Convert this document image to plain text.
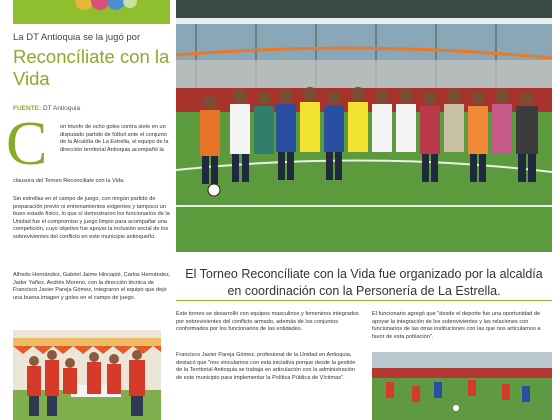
La DT Antioquia se la jugó por
Reconcíliate con la Vida
FUENTE: DT Antioquia
C on triunfo de ocho goles contra siete en un disputado partido de fútbol ante el conjunto de la Alcaldía de La Estrella, el equipo de la dirección territorial Antioquia acompañó la
clausura del Torneo Reconcíliate con la Vida.
Sin estrellas en el campo de juego, con ningún partido de preparación previo ni entrenamientos exigentes y tampoco un buen estado físico, lo que sí demostraron los funcionarios de la Unidad fue el compromiso y juego limpio para acompañar una competición, cuyo objetivo fue apoyar la inclusión social de los sobrevivientes del conflicto en este municipio antioqueño.
Alfredo Hernández, Gabriel Jaime Hincapié, Carlos Hernández, Jader Yañez, Andrés Moreno, con la dirección técnica de Francisco Javier Pareja Gómez, integraron el equipo que dejó una buena imagen y goles en el campo de juego.
El Torneo Reconcíliate con la Vida fue organizado por la alcaldía en coordinación con la Personería de La Estrella.
Este torneo se desarrolló con equipos masculinos y femeninos integrados por sobrevivientes del conflicto armado, además de los conjuntos conformados por los funcionarios de las entidades.
Francisco Javier Pareja Gómez, profesional de la Unidad en Antioquia, destacó que "nos vinculamos con esta iniciativa porque desde la gestión de la Territorial Antioquia se trabaja en articulación con la administración de este municipio para implementar la Política Pública de Víctimas".
El funcionario agregó que "desde el deporte fue una oportunidad de apoyar la integración de los sobrevivientes y las relaciones con funcionarios de las otras instituciones con las que nos articulamos a favor de esta población".
